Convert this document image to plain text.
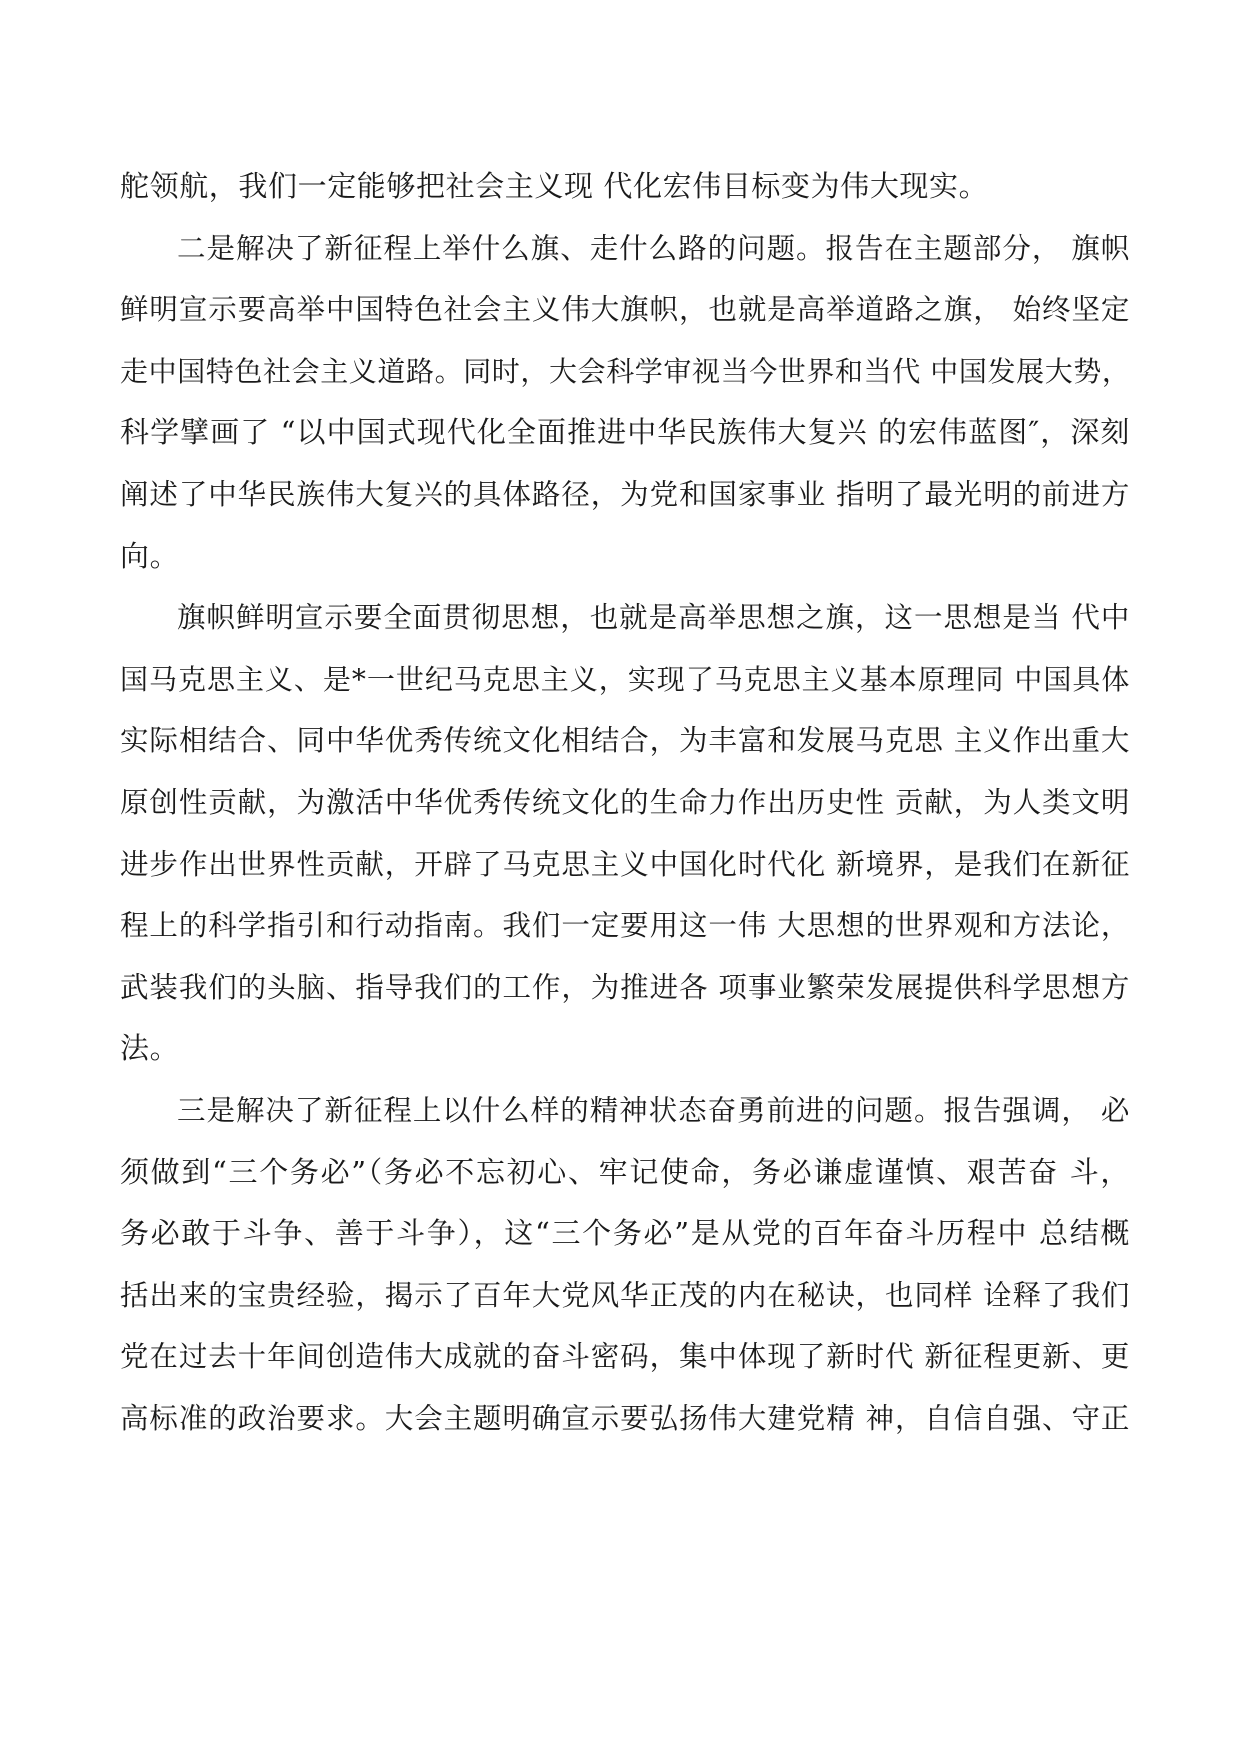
舵领航，我们一定能够把社会主义现 代化宏伟目标变为伟大现实。
二是解决了新征程上举什么旗、走什么路的问题。报告在主题部分， 旗帜
鲜明宣示要高举中国特色社会主义伟大旗帜，也就是高举道路之旗， 始终坚定
走中国特色社会主义道路。同时，大会科学审视当今世界和当代 中国发展大势，
科学擘画了 “以中国式现代化全面推进中华民族伟大复兴 的宏伟蓝图″，深刻
阐述了中华民族伟大复兴的具体路径，为党和国家事业 指明了最光明的前进方
向。
旗帜鲜明宣示要全面贯彻思想，也就是高举思想之旗，这一思想是当 代中
国马克思主义、是*一世纪马克思主义，实现了马克思主义基本原理同 中国具体
实际相结合、同中华优秀传统文化相结合，为丰富和发展马克思 主义作出重大
原创性贡献，为激活中华优秀传统文化的生命力作出历史性 贡献，为人类文明
进步作出世界性贡献，开辟了马克思主义中国化时代化 新境界，是我们在新征
程上的科学指引和行动指南。我们一定要用这一伟 大思想的世界观和方法论，
武装我们的头脑、指导我们的工作，为推进各 项事业繁荣发展提供科学思想方
法。
三是解决了新征程上以什么样的精神状态奋勇前进的问题。报告强调， 必
须做到“三个务必”（务必不忘初心、牢记使命，务必谦虚谨慎、艰苦奋 斗，
务必敢于斗争、善于斗争），这“三个务必”是从党的百年奋斗历程中 总结概
括出来的宝贵经验，揭示了百年大党风华正茂的内在秘诀，也同样 诠释了我们
党在过去十年间创造伟大成就的奋斗密码，集中体现了新时代 新征程更新、更
高标准的政治要求。大会主题明确宣示要弘扬伟大建党精 神，自信自强、守正
